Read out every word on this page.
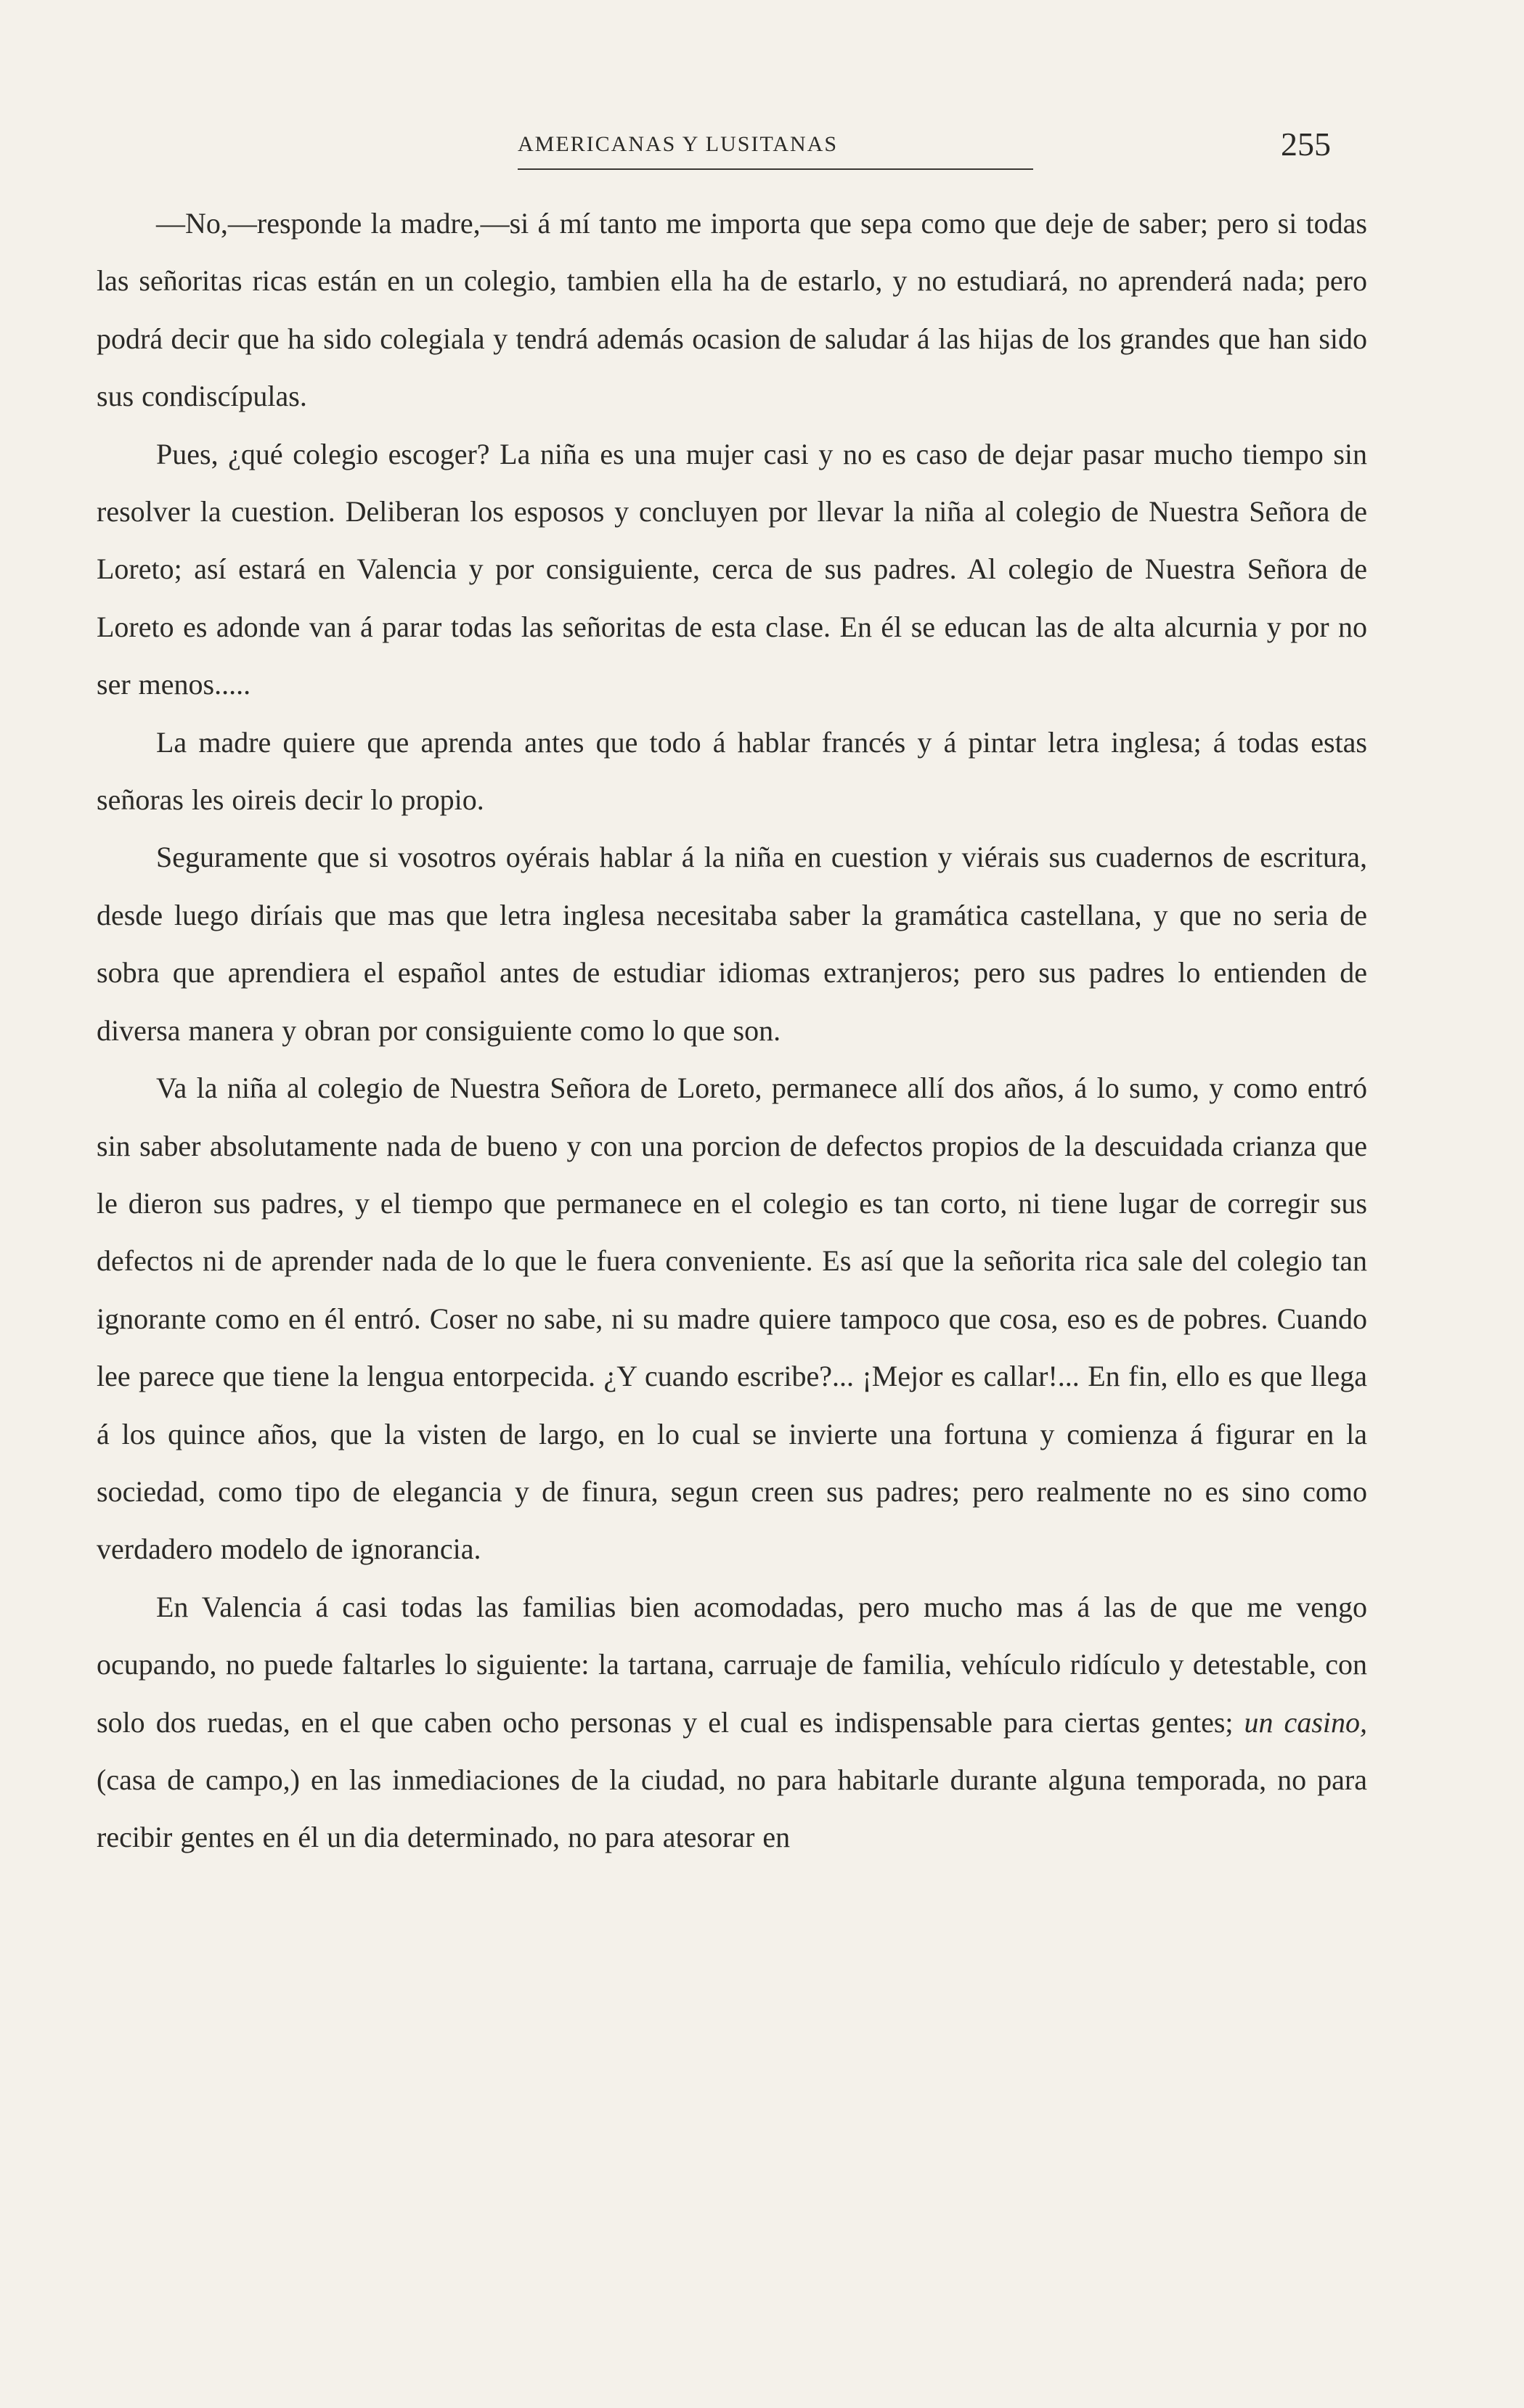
AMERICANAS Y LUSITANAS	255

—No,—responde la madre,—si á mí tanto me importa que sepa como que deje de saber; pero si todas las señoritas ricas están en un colegio, tambien ella ha de estarlo, y no estudiará, no aprenderá nada; pero podrá decir que ha sido colegiala y tendrá además ocasion de saludar á las hijas de los grandes que han sido sus condiscípulas.

Pues, ¿qué colegio escoger? La niña es una mujer casi y no es caso de dejar pasar mucho tiempo sin resolver la cuestion. Deliberan los esposos y concluyen por llevar la niña al colegio de Nuestra Señora de Loreto; así estará en Valencia y por consiguiente, cerca de sus padres. Al colegio de Nuestra Señora de Loreto es adonde van á parar todas las señoritas de esta clase. En él se educan las de alta alcurnia y por no ser menos.....

La madre quiere que aprenda antes que todo á hablar francés y á pintar letra inglesa; á todas estas señoras les oireis decir lo propio.

Seguramente que si vosotros oyérais hablar á la niña en cuestion y viérais sus cuadernos de escritura, desde luego diríais que mas que letra inglesa necesitaba saber la gramática castellana, y que no seria de sobra que aprendiera el español antes de estudiar idiomas extranjeros; pero sus padres lo entienden de diversa manera y obran por consiguiente como lo que son.

Va la niña al colegio de Nuestra Señora de Loreto, permanece allí dos años, á lo sumo, y como entró sin saber absolutamente nada de bueno y con una porcion de defectos propios de la descuidada crianza que le dieron sus padres, y el tiempo que permanece en el colegio es tan corto, ni tiene lugar de corregir sus defectos ni de aprender nada de lo que le fuera conveniente. Es así que la señorita rica sale del colegio tan ignorante como en él entró. Coser no sabe, ni su madre quiere tampoco que cosa, eso es de pobres. Cuando lee parece que tiene la lengua entorpecida. ¿Y cuando escribe?... ¡Mejor es callar!... En fin, ello es que llega á los quince años, que la visten de largo, en lo cual se invierte una fortuna y comienza á figurar en la sociedad, como tipo de elegancia y de finura, segun creen sus padres; pero realmente no es sino como verdadero modelo de ignorancia.

En Valencia á casi todas las familias bien acomodadas, pero mucho mas á las de que me vengo ocupando, no puede faltarles lo siguiente: la tartana, carruaje de familia, vehículo ridículo y detestable, con solo dos ruedas, en el que caben ocho personas y el cual es indispensable para ciertas gentes; un casino, (casa de campo,) en las inmediaciones de la ciudad, no para habitarle durante alguna temporada, no para recibir gentes en él un dia determinado, no para atesorar en
